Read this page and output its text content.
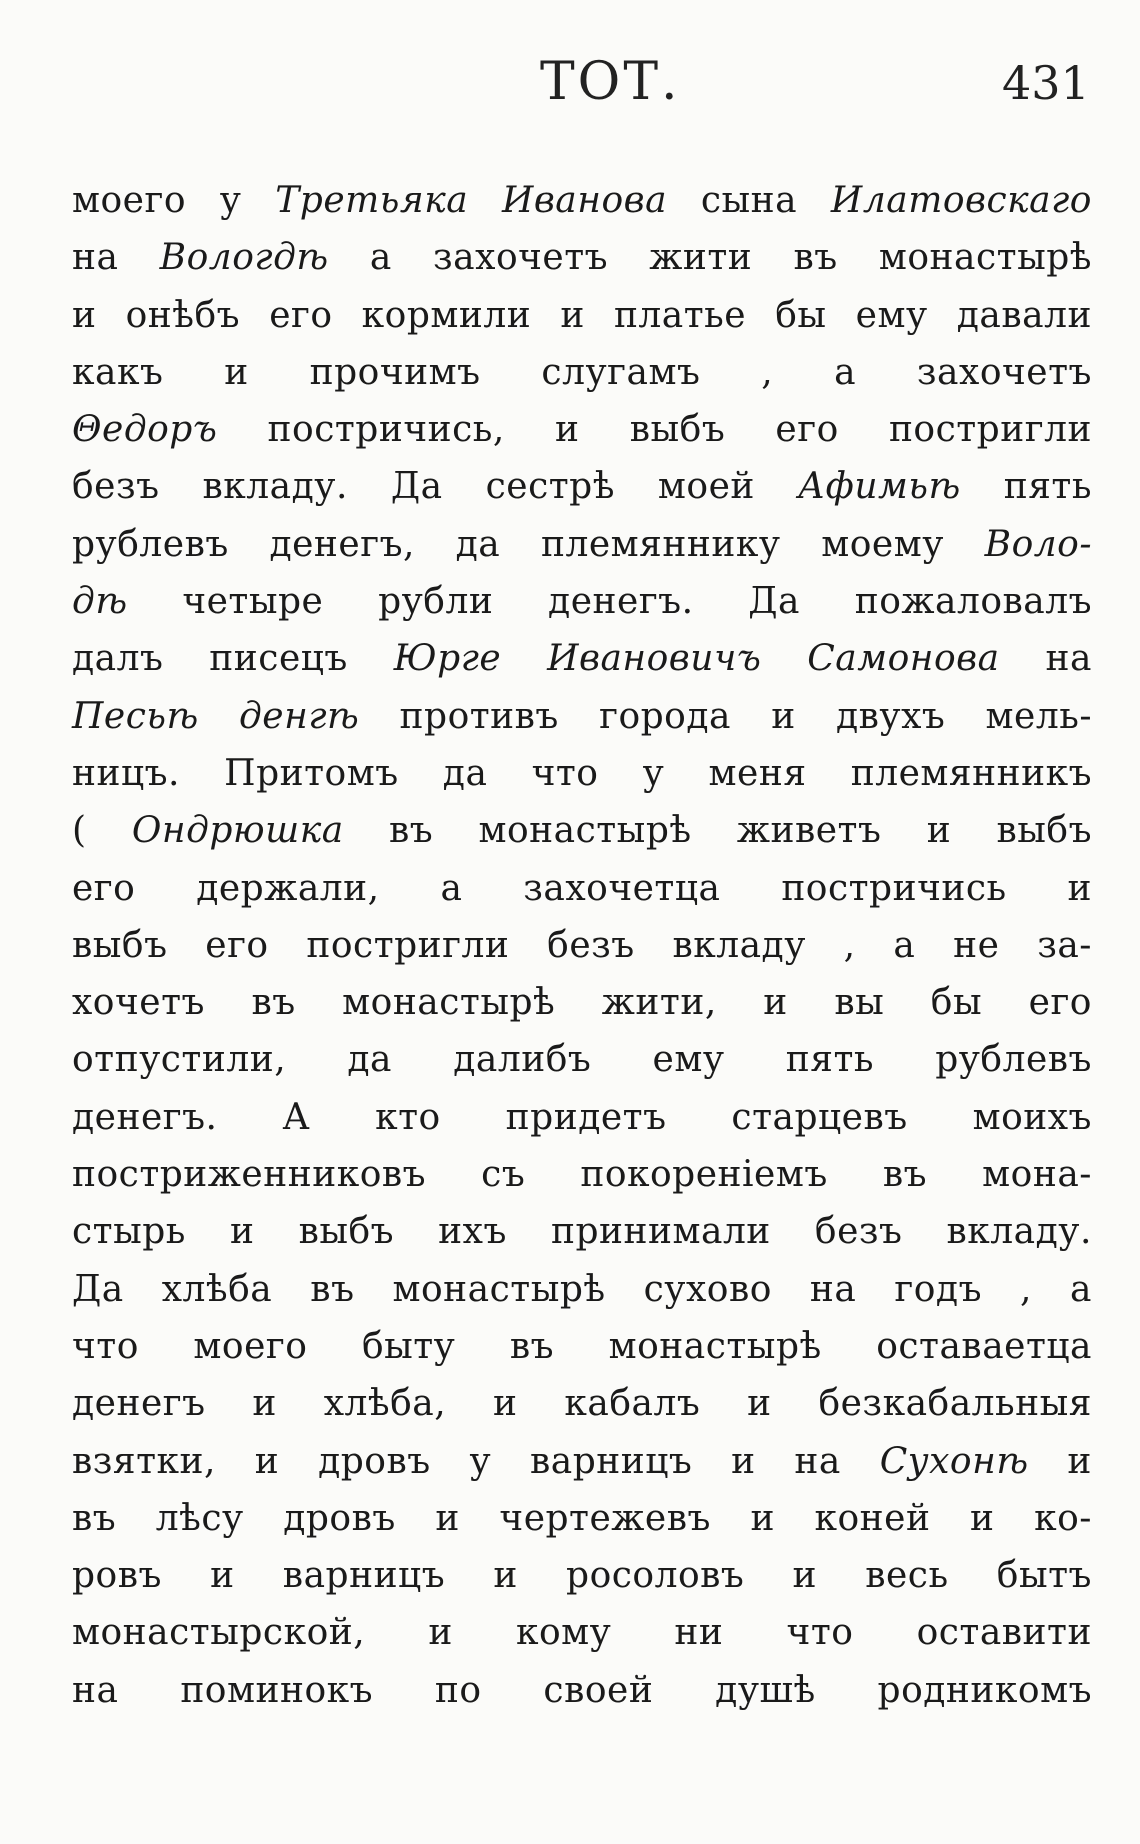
ТОТ.	431
моего у Третьяка Иванова сына Илатовскаго
на Вологдѣ а захочетъ жити въ монастырѣ
и онѣбъ его кормили и платье бы ему давали
какъ и прочимъ слугамъ , а захочетъ
Θедоръ постричись, и выбъ его постригли
безъ вкладу. Да сестрѣ моей Афимьѣ пять
рублевъ денегъ, да племяннику моему Воло-
дѣ четыре рубли денегъ. Да пожаловалъ
далъ писецъ Юрге Ивановичъ Самонова на
Песьѣ денгѣ противъ города и двухъ мель-
ницъ. Притомъ да что у меня племянникъ
( Ондрюшка въ монастырѣ живетъ и выбъ
его держали, а захочетца постричись и
выбъ его постригли безъ вкладу , а не за-
хочетъ въ монастырѣ жити, и вы бы его
отпустили, да далибъ ему пять рублевъ
денегъ. А кто придетъ старцевъ моихъ
постриженниковъ съ покореніемъ въ мона-
стырь и выбъ ихъ принимали безъ вкладу.
Да хлѣба въ монастырѣ сухово на годъ , а
что моего быту въ монастырѣ оставаетца
денегъ и хлѣба, и кабалъ и безкабальныя
взятки, и дровъ у варницъ и на Сухонѣ и
въ лѣсу дровъ и чертежевъ и коней и ко-
ровъ и варницъ и росоловъ и весь бытъ
монастырской, и кому ни что оставити
на поминокъ по своей душѣ родникомъ
